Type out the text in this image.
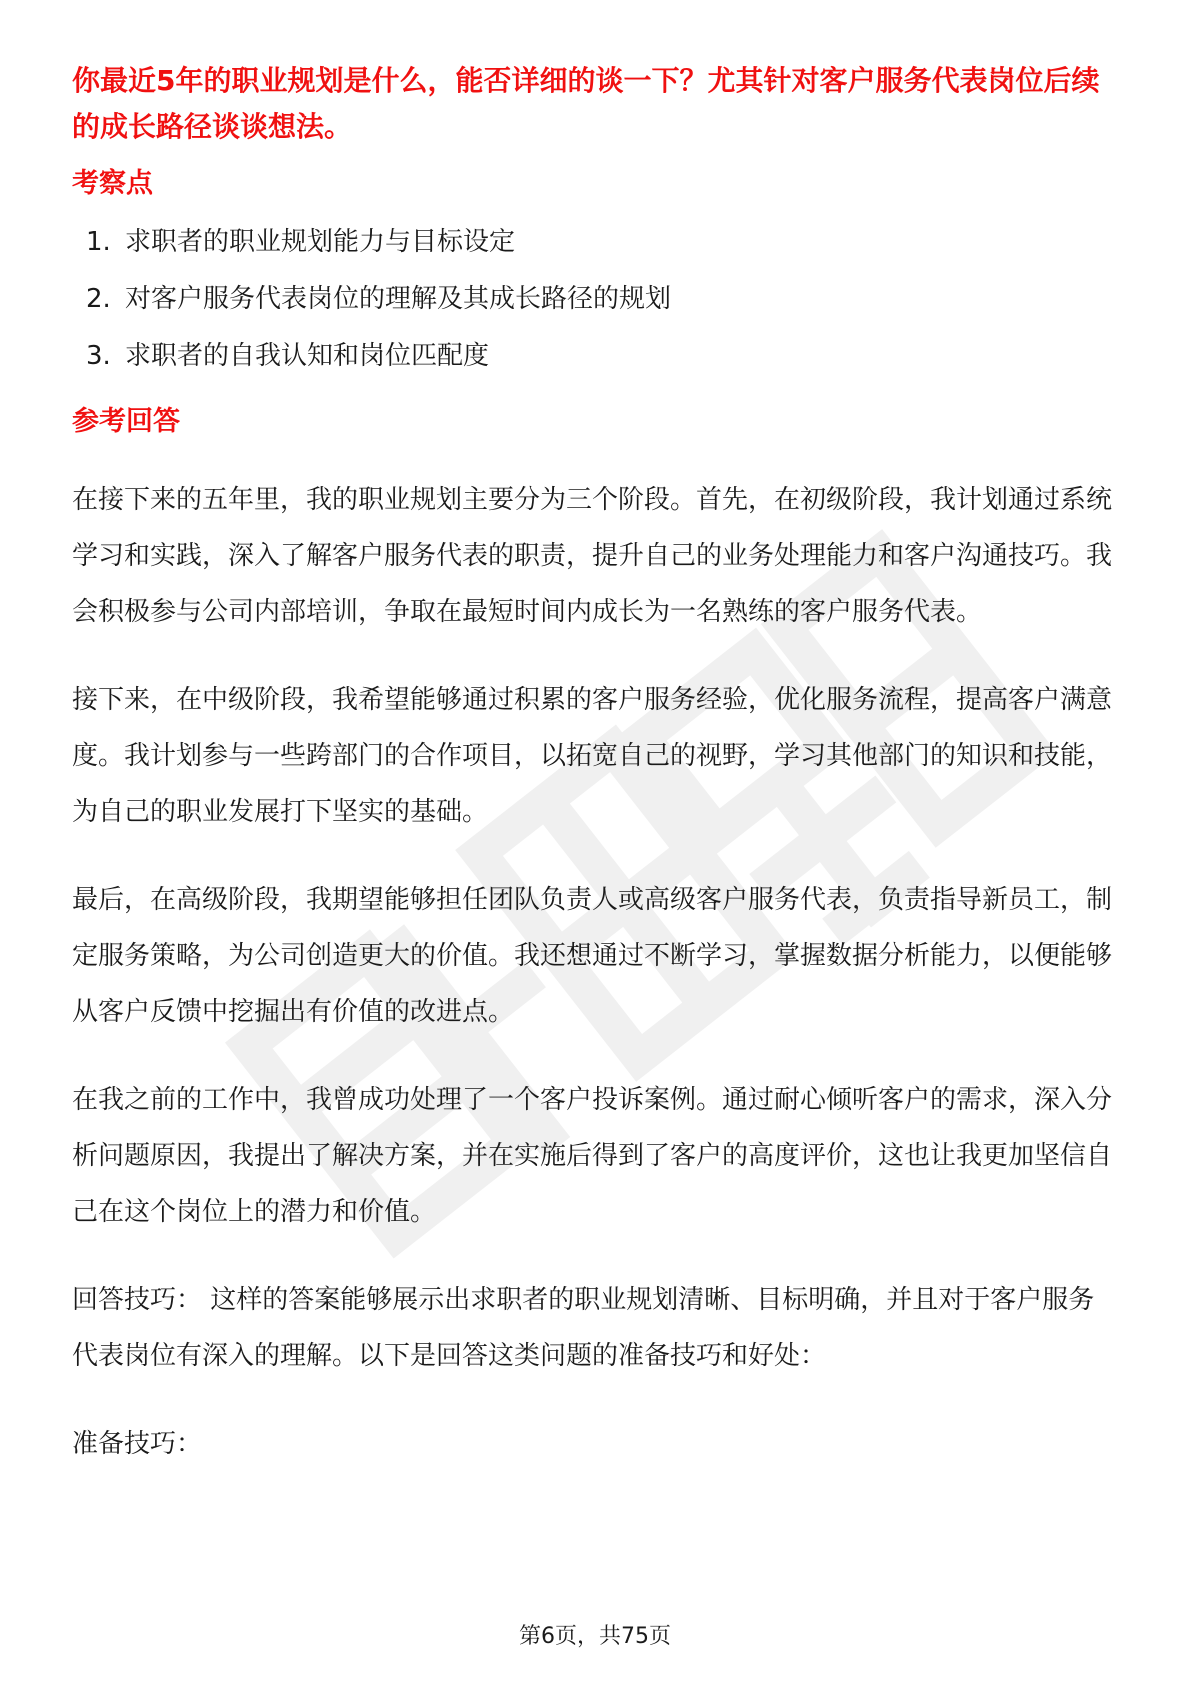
你最近5年的职业规划是什么，能否详细的谈一下？尤其针对客户服务代表岗位后续的成长路径谈谈想法。

考察点
1. 求职者的职业规划能力与目标设定
2. 对客户服务代表岗位的理解及其成长路径的规划
3. 求职者的自我认知和岗位匹配度
参考回答

在接下来的五年里，我的职业规划主要分为三个阶段。首先，在初级阶段，我计划通过系统学习和实践，深入了解客户服务代表的职责，提升自己的业务处理能力和客户沟通技巧。我会积极参与公司内部培训，争取在最短时间内成长为一名熟练的客户服务代表。

接下来，在中级阶段，我希望能够通过积累的客户服务经验，优化服务流程，提高客户满意度。我计划参与一些跨部门的合作项目，以拓宽自己的视野，学习其他部门的知识和技能，为自己的职业发展打下坚实的基础。

最后，在高级阶段，我期望能够担任团队负责人或高级客户服务代表，负责指导新员工，制定服务策略，为公司创造更大的价值。我还想通过不断学习，掌握数据分析能力，以便能够从客户反馈中挖掘出有价值的改进点。

在我之前的工作中，我曾成功处理了一个客户投诉案例。通过耐心倾听客户的需求，深入分析问题原因，我提出了解决方案，并在实施后得到了客户的高度评价，这也让我更加坚信自己在这个岗位上的潜力和价值。

回答技巧： 这样的答案能够展示出求职者的职业规划清晰、目标明确，并且对于客户服务代表岗位有深入的理解。以下是回答这类问题的准备技巧和好处：

准备技巧：

第6页，共75页
